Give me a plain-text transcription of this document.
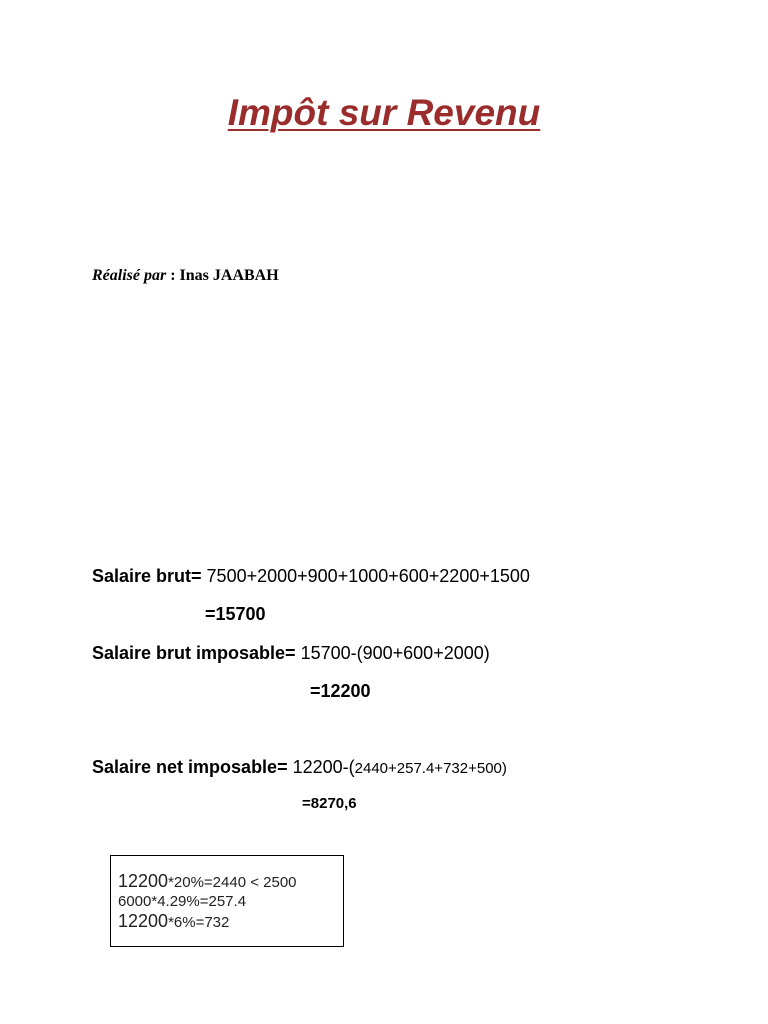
Impôt sur Revenu
Réalisé par : Inas JAABAH
Salaire brut= 7500+2000+900+1000+600+2200+1500
=15700
Salaire brut imposable= 15700-(900+600+2000)
=12200
Salaire net imposable= 12200-(2440+257.4+732+500)
=8270,6

12200*20%=2440 < 2500

6000*4.29%=257.4

12200*6%=732
